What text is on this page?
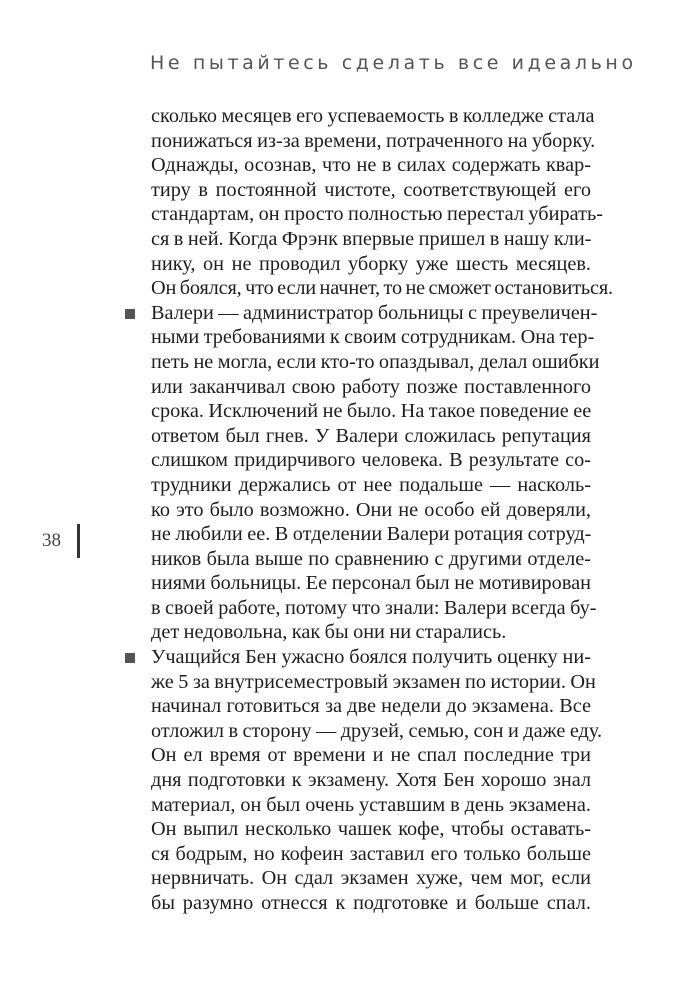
Не пытайтесь сделать все идеально
38
сколько месяцев его успеваемость в колледже стала
понижаться из-за времени, потраченного на уборку.
Однажды, осознав, что не в силах содержать квар-
тиру в постоянной чистоте, соответствующей его
стандартам, он просто полностью перестал убирать-
ся в ней. Когда Фрэнк впервые пришел в нашу кли-
нику, он не проводил уборку уже шесть месяцев.
Он боялся, что если начнет, то не сможет остановиться.
Валери — администратор больницы с преувеличен-
ными требованиями к своим сотрудникам. Она тер-
петь не могла, если кто-то опаздывал, делал ошибки
или заканчивал свою работу позже поставленного
срока. Исключений не было. На такое поведение ее
ответом был гнев. У Валери сложилась репутация
слишком придирчивого человека. В результате со-
трудники держались от нее подальше — насколь-
ко это было возможно. Они не особо ей доверяли,
не любили ее. В отделении Валери ротация сотруд-
ников была выше по сравнению с другими отделе-
ниями больницы. Ее персонал был не мотивирован
в своей работе, потому что знали: Валери всегда бу-
дет недовольна, как бы они ни старались.
Учащийся Бен ужасно боялся получить оценку ни-
же 5 за внутрисеместровый экзамен по истории. Он
начинал готовиться за две недели до экзамена. Все
отложил в сторону — друзей, семью, сон и даже еду.
Он ел время от времени и не спал последние три
дня подготовки к экзамену. Хотя Бен хорошо знал
материал, он был очень уставшим в день экзамена.
Он выпил несколько чашек кофе, чтобы оставать-
ся бодрым, но кофеин заставил его только больше
нервничать. Он сдал экзамен хуже, чем мог, если
бы разумно отнесся к подготовке и больше спал.
